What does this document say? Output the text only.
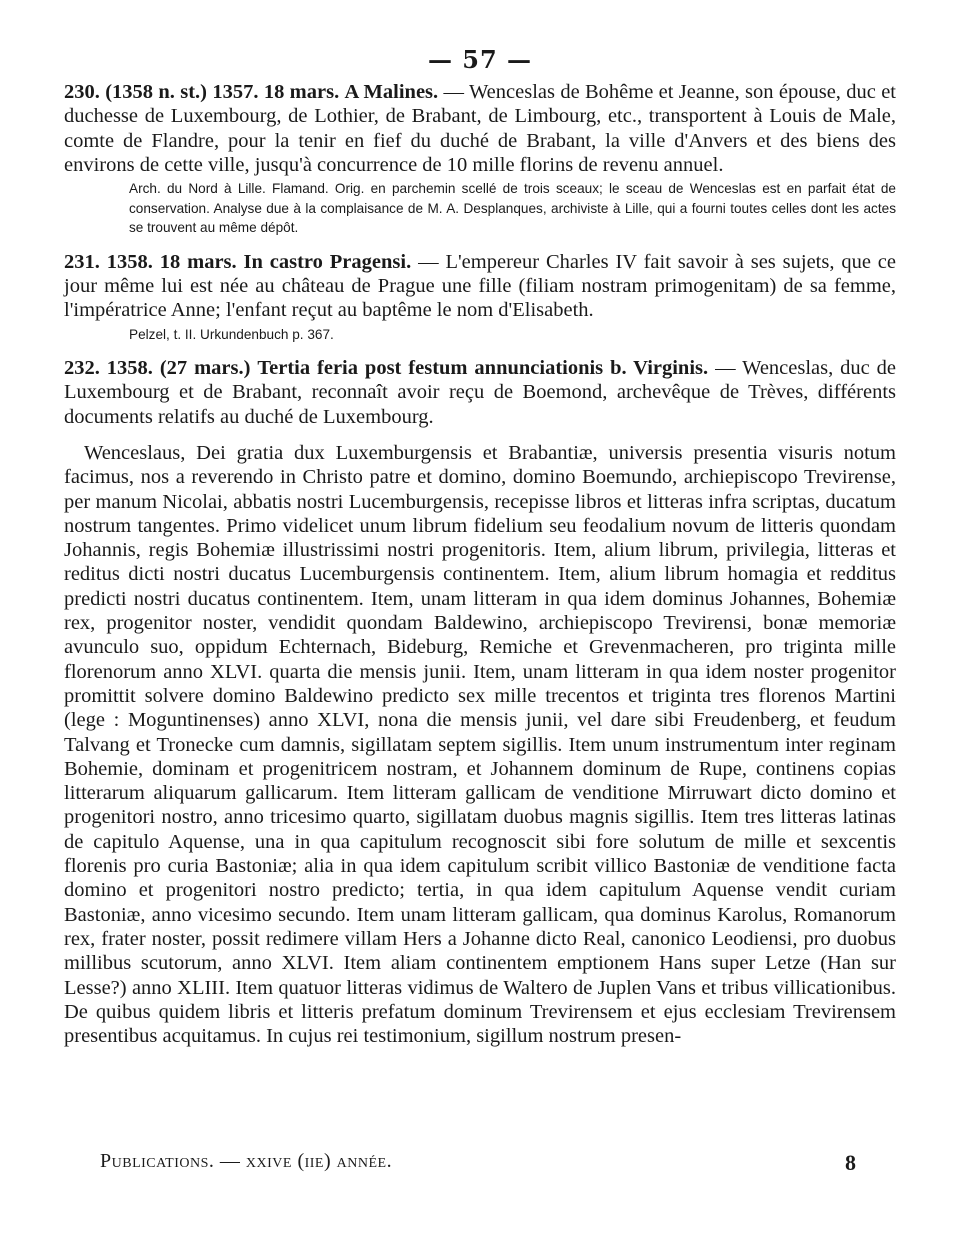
— 57 —

230. (1358 n. st.) 1357. 18 mars. A Malines. — Wenceslas de Bohême et Jeanne, son épouse, duc et duchesse de Luxembourg, de Lothier, de Brabant, de Limbourg, etc., transportent à Louis de Male, comte de Flandre, pour la tenir en fief du duché de Brabant, la ville d'Anvers et des biens des environs de cette ville, jusqu'à concurrence de 10 mille florins de revenu annuel.

Arch. du Nord à Lille. Flamand. Orig. en parchemin scellé de trois sceaux; le sceau de Wenceslas est en parfait état de conservation. Analyse due à la complaisance de M. A. Desplanques, archiviste à Lille, qui a fourni toutes celles dont les actes se trouvent au même dépôt.

231. 1358. 18 mars. In castro Pragensi. — L'empereur Charles IV fait savoir à ses sujets, que ce jour même lui est née au château de Prague une fille (filiam nostram primogenitam) de sa femme, l'impératrice Anne; l'enfant reçut au baptême le nom d'Elisabeth.

Pelzel, t. II. Urkundenbuch p. 367.

232. 1358. (27 mars.) Tertia feria post festum annunciationis b. Virginis. — Wenceslas, duc de Luxembourg et de Brabant, reconnaît avoir reçu de Boemond, archevêque de Trèves, différents documents relatifs au duché de Luxembourg.

Wenceslaus, Dei gratia dux Luxemburgensis et Brabantiæ, universis presentia visuris notum facimus, nos a reverendo in Christo patre et domino, domino Boemundo, archiepiscopo Trevirense, per manum Nicolai, abbatis nostri Lucemburgensis, recepisse libros et litteras infra scriptas, ducatum nostrum tangentes. Primo videlicet unum librum fidelium seu feodalium novum de litteris quondam Johannis, regis Bohemiæ illustrissimi nostri progenitoris. Item, alium librum, privilegia, litteras et reditus dicti nostri ducatus Lucemburgensis continentem. Item, alium librum homagia et redditus predicti nostri ducatus continentem. Item, unam litteram in qua idem dominus Johannes, Bohemiæ rex, progenitor noster, vendidit quondam Baldewino, archiepiscopo Trevirensi, bonæ memoriæ avunculo suo, oppidum Echternach, Bideburg, Remiche et Grevenmacheren, pro triginta mille florenorum anno XLVI. quarta die mensis junii. Item, unam litteram in qua idem noster progenitor promittit solvere domino Baldewino predicto sex mille trecentos et triginta tres florenos Martini (lege : Moguntinenses) anno XLVI, nona die mensis junii, vel dare sibi Freudenberg, et feudum Talvang et Tronecke cum damnis, sigillatam septem sigillis. Item unum instrumentum inter reginam Bohemie, dominam et progenitricem nostram, et Johannem dominum de Rupe, continens copias litterarum aliquarum gallicarum. Item litteram gallicam de venditione Mirruwart dicto domino et progenitori nostro, anno tricesimo quarto, sigillatam duobus magnis sigillis. Item tres litteras latinas de capitulo Aquense, una in qua capitulum recognoscit sibi fore solutum de mille et sexcentis florenis pro curia Bastoniæ; alia in qua idem capitulum scribit villico Bastoniæ de venditione facta domino et progenitori nostro predicto; tertia, in qua idem capitulum Aquense vendit curiam Bastoniæ, anno vicesimo secundo. Item unam litteram gallicam, qua dominus Karolus, Romanorum rex, frater noster, possit redimere villam Hers a Johanne dicto Real, canonico Leodiensi, pro duobus millibus scutorum, anno XLVI. Item aliam continentem emptionem Hans super Letze (Han sur Lesse?) anno XLIII. Item quatuor litteras vidimus de Waltero de Juplen Vans et tribus villicationibus. De quibus quidem libris et litteris prefatum dominum Trevirensem et ejus ecclesiam Trevirensem presentibus acquitamus. In cujus rei testimonium, sigillum nostrum presen-

Publications. — xxive (iie) année.	8
